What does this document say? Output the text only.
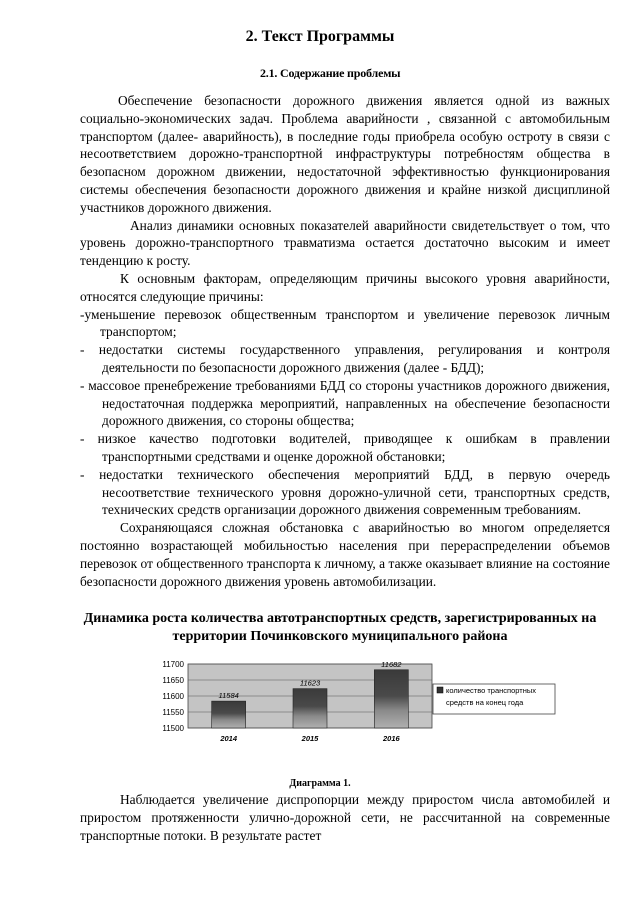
2. Текст Программы
2.1. Содержание проблемы

Обеспечение безопасности дорожного движения является одной из важных социально-экономических задач. Проблема аварийности , связанной с автомобильным транспортом (далее- аварийность), в последние годы приобрела особую остроту в связи с несоответствием дорожно-транспортной инфраструктуры потребностям общества в безопасном дорожном движении, недостаточной эффективностью функционирования системы обеспечения безопасности дорожного движения и крайне низкой дисциплиной участников дорожного движения.

Анализ динамики основных показателей аварийности свидетельствует о том, что уровень дорожно-транспортного травматизма остается достаточно высоким и имеет тенденцию к росту.

К основным факторам, определяющим причины высокого уровня аварийности, относятся следующие причины:

-уменьшение перевозок общественным транспортом и увеличение перевозок личным транспортом;

- недостатки системы государственного управления, регулирования и контроля деятельности по безопасности дорожного движения (далее - БДД);

- массовое пренебрежение требованиями БДД со стороны участников дорожного движения, недостаточная поддержка мероприятий, направленных на обеспечение безопасности дорожного движения, со стороны общества;

- низкое качество подготовки водителей, приводящее к ошибкам в правлении транспортными средствами и оценке дорожной обстановки;

- недостатки технического обеспечения мероприятий БДД, в первую очередь несоответствие технического уровня дорожно-уличной сети, транспортных средств, технических средств организации дорожного движения современным требованиям.

Сохраняющаяся сложная обстановка с аварийностью во многом определяется постоянно возрастающей мобильностью населения при перераспределении объемов перевозок от общественного транспорта к личному, а также оказывает влияние на состояние безопасности дорожного движения уровень автомобилизации.

Динамика роста количества автотранспортных средств, зарегистрированных на территории Починковского муниципального района
11500
11550
11600
11650
11700
11584
11623
11682
2014	2015	2016
количество транспортных
средств на конец года
Диаграмма 1.

Наблюдается увеличение диспропорции между приростом числа автомобилей и приростом протяженности улично-дорожной сети, не рассчитанной на современные транспортные потоки. В результате растет
